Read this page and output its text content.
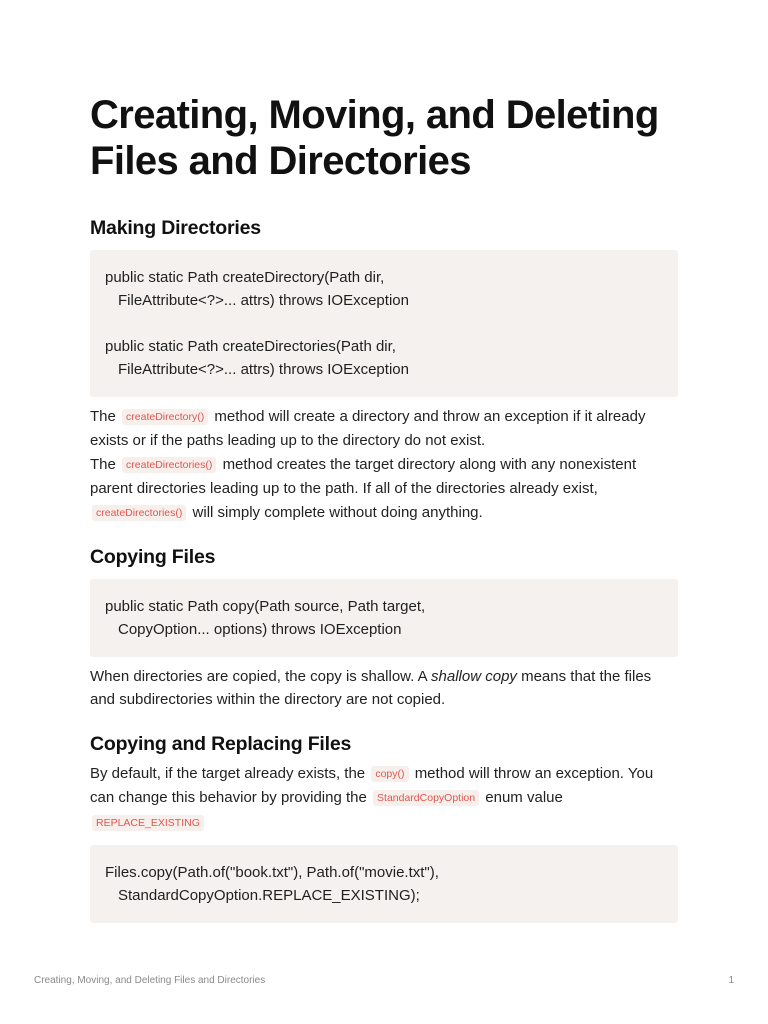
Creating, Moving, and Deleting Files and Directories
Making Directories
public static Path createDirectory(Path dir,
FileAttribute<?>... attrs) throws IOException
public static Path createDirectories(Path dir,
FileAttribute<?>... attrs) throws IOException

The createDirectory() method will create a directory and throw an exception if it already exists or if the paths leading up to the directory do not exist.
The createDirectories() method creates the target directory along with any nonexistent parent directories leading up to the path. If all of the directories already exist, createDirectories() will simply complete without doing anything.

Copying Files
public static Path copy(Path source, Path target,
CopyOption... options) throws IOException

When directories are copied, the copy is shallow. A shallow copy means that the files and subdirectories within the directory are not copied.

Copying and Replacing Files

By default, if the target already exists, the copy() method will throw an exception. You can change this behavior by providing the StandardCopyOption enum value REPLACE_EXISTING

Files.copy(Path.of("book.txt"), Path.of("movie.txt"),
StandardCopyOption.REPLACE_EXISTING);
Creating, Moving, and Deleting Files and Directories	1
